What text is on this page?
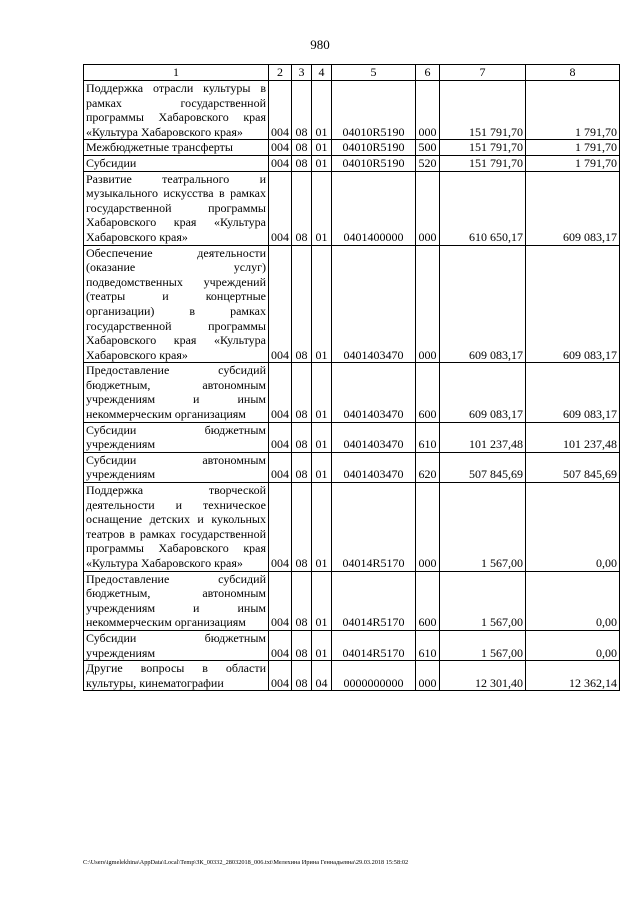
980
1	2	3	4	5	6	7	8
Поддержка отрасли культуры в рамках государственной программы Хабаровского края «Культура Хабаровского края»	004	08	01	04010R5190	000	151 791,70	1 791,70
Межбюджетные трансферты	004	08	01	04010R5190	500	151 791,70	1 791,70
Субсидии	004	08	01	04010R5190	520	151 791,70	1 791,70
Развитие театрального и музыкального искусства в рамках государственной программы Хабаровского края «Культура Хабаровского края»	004	08	01	0401400000	000	610 650,17	609 083,17
Обеспечение деятельности (оказание услуг) подведомственных учреждений (театры и концертные организации) в рамках государственной программы Хабаровского края «Культура Хабаровского края»	004	08	01	0401403470	000	609 083,17	609 083,17
Предоставление субсидий бюджетным, автономным учреждениям и иным некоммерческим организациям	004	08	01	0401403470	600	609 083,17	609 083,17
Субсидии бюджетным учреждениям	004	08	01	0401403470	610	101 237,48	101 237,48
Субсидии автономным учреждениям	004	08	01	0401403470	620	507 845,69	507 845,69
Поддержка творческой деятельности и техническое оснащение детских и кукольных театров в рамках государственной программы Хабаровского края «Культура Хабаровского края»	004	08	01	04014R5170	000	1 567,00	0,00
Предоставление субсидий бюджетным, автономным учреждениям и иным некоммерческим организациям	004	08	01	04014R5170	600	1 567,00	0,00
Субсидии бюджетным учреждениям	004	08	01	04014R5170	610	1 567,00	0,00
Другие вопросы в области культуры, кинематографии	004	08	04	0000000000	000	12 301,40	12 362,14
C:\Users\igmelekhina\AppData\Local\Temp\ЗК_00332_28032018_006.txt\Мелехина Ирина Геннадьевна\29.03.2018 15:58:02
